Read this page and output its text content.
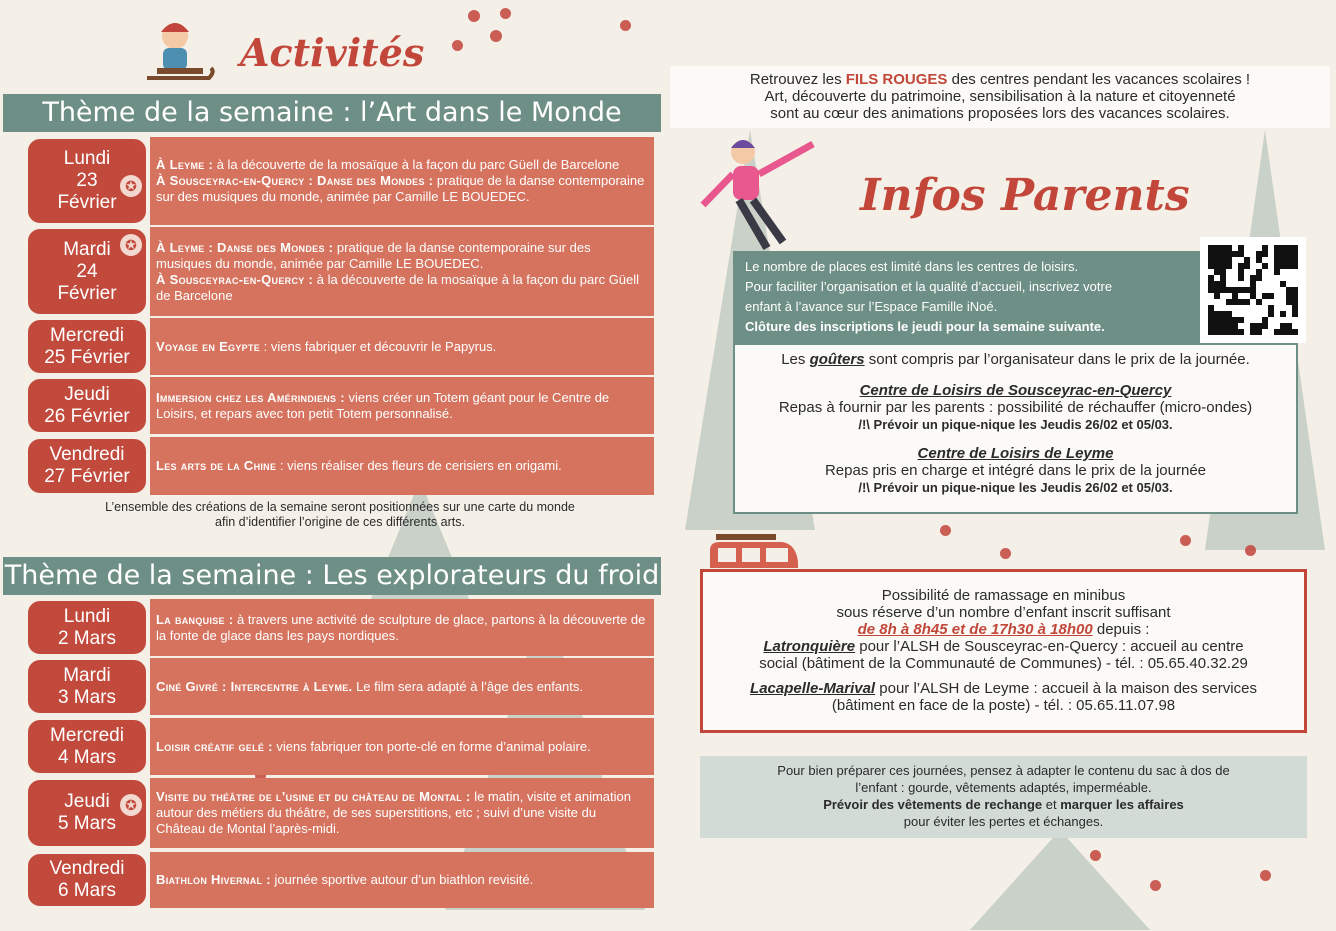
Activités
Thème de la semaine : l’Art dans le Monde
Lundi
23
Février
✪
À Leyme : à la découverte de la mosaïque à la façon du parc Güell de Barcelone
À Sousceyrac-en-Quercy : Danse des Mondes : pratique de la danse contemporaine sur des musiques du monde, animée par Camille LE BOUEDEC.
Mardi
24
Février
✪	À Leyme : Danse des Mondes : pratique de la danse contemporaine sur des musiques du monde, animée par Camille LE BOUEDEC.
À Sousceyrac-en-Quercy : à la découverte de la mosaïque à la façon du parc Güell de Barcelone
Mercredi
25 Février
Voyage en Egypte : viens fabriquer et découvrir le Papyrus.
Jeudi
26 Février
Immersion chez les Amérindiens : viens créer un Totem géant pour le Centre de Loisirs, et repars avec ton petit Totem personnalisé.
Vendredi
27 Février
Les arts de la Chine : viens réaliser des fleurs de cerisiers en origami.
L’ensemble des créations de la semaine seront positionnées sur une carte du monde afin d’identifier l’origine de ces différents arts.
Thème de la semaine : Les explorateurs du froid
Lundi
2 Mars
La banquise : à travers une activité de sculpture de glace, partons à la découverte de la fonte de glace dans les pays nordiques.
Mardi
3 Mars
Ciné Givré : Intercentre à Leyme. Le film sera adapté à l’âge des enfants.
Mercredi
4 Mars
Loisir créatif gelé : viens fabriquer ton porte-clé en forme d’animal polaire.
Jeudi
5 Mars
✪
Visite du théâtre de l’usine et du château de Montal : le matin, visite et animation autour des métiers du théâtre, de ses superstitions, etc ; suivi d’une visite du Château de Montal l’après-midi.
Vendredi
6 Mars
Biathlon Hivernal : journée sportive autour d’un biathlon revisité.
Retrouvez les FILS ROUGES des centres pendant les vacances scolaires !
Art, découverte du patrimoine, sensibilisation à la nature et citoyenneté
sont au cœur des animations proposées lors des vacances scolaires.
Infos Parents
Le nombre de places est limité dans les centres de loisirs.
Pour faciliter l’organisation et la qualité d’accueil, inscrivez votre
enfant à l’avance sur l’Espace Famille iNoé.
Clôture des inscriptions le jeudi pour la semaine suivante.
Les goûters sont compris par l’organisateur dans le prix de la journée.
Centre de Loisirs de Sousceyrac-en-Quercy
Repas à fournir par les parents : possibilité de réchauffer (micro-ondes)
/!\ Prévoir un pique-nique les Jeudis 26/02 et 05/03.
Centre de Loisirs de Leyme
Repas pris en charge et intégré dans le prix de la journée
/!\ Prévoir un pique-nique les Jeudis 26/02 et 05/03.
Possibilité de ramassage en minibus
sous réserve d’un nombre d’enfant inscrit suffisant
de 8h à 8h45 et de 17h30 à 18h00 depuis :
Latronquière pour l’ALSH de Sousceyrac-en-Quercy : accueil au centre
social (bâtiment de la Communauté de Communes) - tél. : 05.65.40.32.29
Lacapelle-Marival pour l’ALSH de Leyme : accueil à la maison des services
(bâtiment en face de la poste) - tél. : 05.65.11.07.98
Pour bien préparer ces journées, pensez à adapter le contenu du sac à dos de
l’enfant : gourde, vêtements adaptés, imperméable.
Prévoir des vêtements de rechange et marquer les affaires
pour éviter les pertes et échanges.
